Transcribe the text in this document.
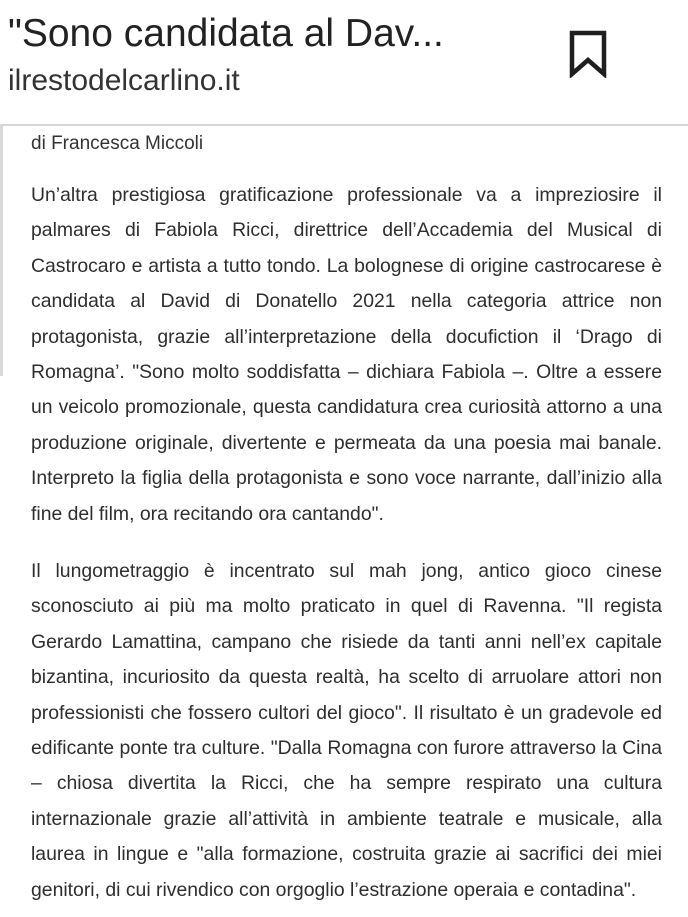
"Sono candidata al Dav...
ilrestodelcarlino.it
di Francesca Miccoli

Un’altra prestigiosa gratificazione professionale va a impreziosire il palmares di Fabiola Ricci, direttrice dell’Accademia del Musical di Castrocaro e artista a tutto tondo. La bolognese di origine castrocarese è candidata al David di Donatello 2021 nella categoria attrice non protagonista, grazie all’interpretazione della docufiction il ‘Drago di Romagna’. "Sono molto soddisfatta – dichiara Fabiola –. Oltre a essere un veicolo promozionale, questa candidatura crea curiosità attorno a una produzione originale, divertente e permeata da una poesia mai banale. Interpreto la figlia della protagonista e sono voce narrante, dall’inizio alla fine del film, ora recitando ora cantando".

Il lungometraggio è incentrato sul mah jong, antico gioco cinese sconosciuto ai più ma molto praticato in quel di Ravenna. "Il regista Gerardo Lamattina, campano che risiede da tanti anni nell’ex capitale bizantina, incuriosito da questa realtà, ha scelto di arruolare attori non professionisti che fossero cultori del gioco". Il risultato è un gradevole ed edificante ponte tra culture. "Dalla Romagna con furore attraverso la Cina – chiosa divertita la Ricci, che ha sempre respirato una cultura internazionale grazie all’attività in ambiente teatrale e musicale, alla laurea in lingue e "alla formazione, costruita grazie ai sacrifici dei miei genitori, di cui rivendico con orgoglio l’estrazione operaia e contadina".
